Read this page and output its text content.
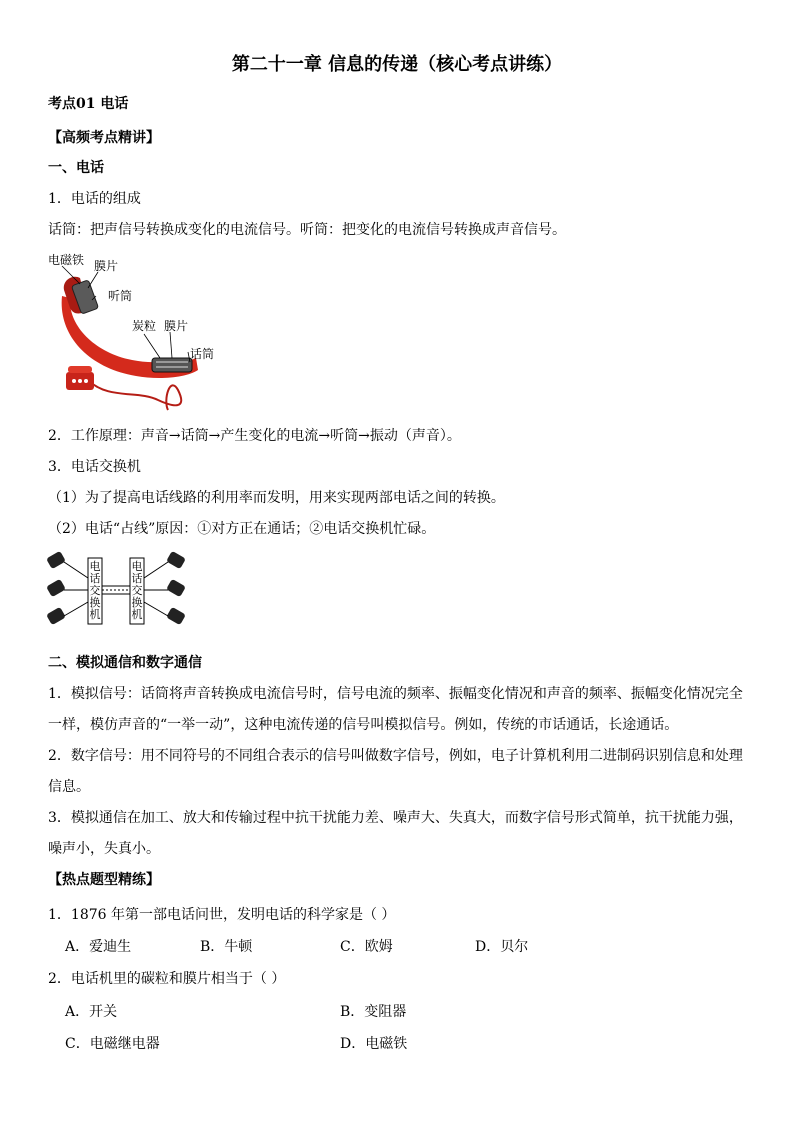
第二十一章 信息的传递（核心考点讲练）
考点01 电话
【高频考点精讲】
一、电话
1．电话的组成
话筒：把声信号转换成变化的电流信号。听筒：把变化的电流信号转换成声音信号。
电磁铁 膜片
听筒
炭粒 膜片
话筒
2．工作原理：声音→话筒→产生变化的电流→听筒→振动（声音）。
3．电话交换机
（1）为了提高电话线路的利用率而发明，用来实现两部电话之间的转换。
（2）电话“占线”原因：①对方正在通话；②电话交换机忙碌。
电话交换机
电话交换机
二、模拟通信和数字通信
1．模拟信号：话筒将声音转换成电流信号时，信号电流的频率、振幅变化情况和声音的频率、振幅变化情况完全
一样，模仿声音的“一举一动”，这种电流传递的信号叫模拟信号。例如，传统的市话通话，长途通话。
2．数字信号：用不同符号的不同组合表示的信号叫做数字信号，例如，电子计算机利用二进制码识别信息和处理
信息。
3．模拟通信在加工、放大和传输过程中抗干扰能力差、噪声大、失真大，而数字信号形式简单，抗干扰能力强，
噪声小，失真小。
【热点题型精练】
1．1876 年第一部电话问世，发明电话的科学家是（ ）
A．爱迪生	B．牛顿	C．欧姆	D．贝尔
2．电话机里的碳粒和膜片相当于（ ）
A．开关	B．变阻器
C．电磁继电器	D．电磁铁
